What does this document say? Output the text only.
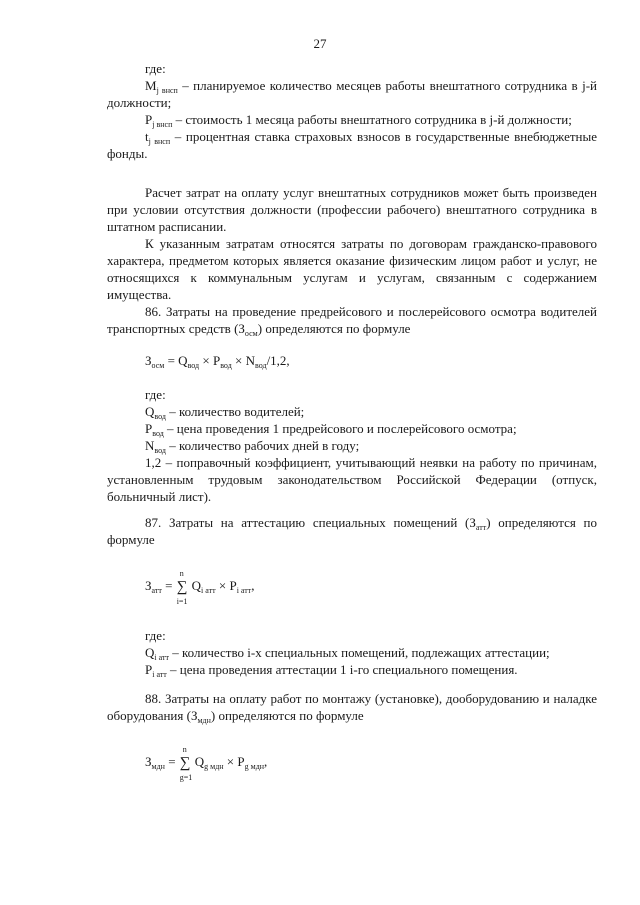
27

где:

$M_{j внсп}$ – планируемое количество месяцев работы внештатного сотрудника в j-й должности;

$P_{j внсп}$ – стоимость 1 месяца работы внештатного сотрудника в j-й должности;

$t_{j внсп}$ – процентная ставка страховых взносов в государственные внебюджетные фонды.

Расчет затрат на оплату услуг внештатных сотрудников может быть произведен при условии отсутствия должности (профессии рабочего) внештатного сотрудника в штатном расписании.

К указанным затратам относятся затраты по договорам гражданско-правового характера, предметом которых является оказание физическим лицом работ и услуг, не относящихся к коммунальным услугам и услугам, связанным с содержанием имущества.

86. Затраты на проведение предрейсового и послерейсового осмотра водителей транспортных средств $(З_{осм})$ определяются по формуле

$З_{осм} = Q_{вод} \times P_{вод} \times N_{вод}/1,2$,

где:

$Q_{вод}$ – количество водителей;

$P_{вод}$ – цена проведения 1 предрейсового и послерейсового осмотра;

$N_{вод}$ – количество рабочих дней в году;

1,2 – поправочный коэффициент, учитывающий неявки на работу по причинам, установленным трудовым законодательством Российской Федерации (отпуск, больничный лист).

87. Затраты на аттестацию специальных помещений $(З_{атт})$ определяются по формуле

$З_{атт}$ =
n
∑
i=1
$Q_{i атт} \times P_{i атт}$,

где:

$Q_{i атт}$ – количество i-х специальных помещений, подлежащих аттестации;

$P_{i атт}$ – цена проведения аттестации 1 i-го специального помещения.

88. Затраты на оплату работ по монтажу (установке), дооборудованию и наладке оборудования $(З_{мдн})$ определяются по формуле

$З_{мдн}$ =
n
∑
g=1
$Q_{g мдн} \times P_{g мдн}$,
